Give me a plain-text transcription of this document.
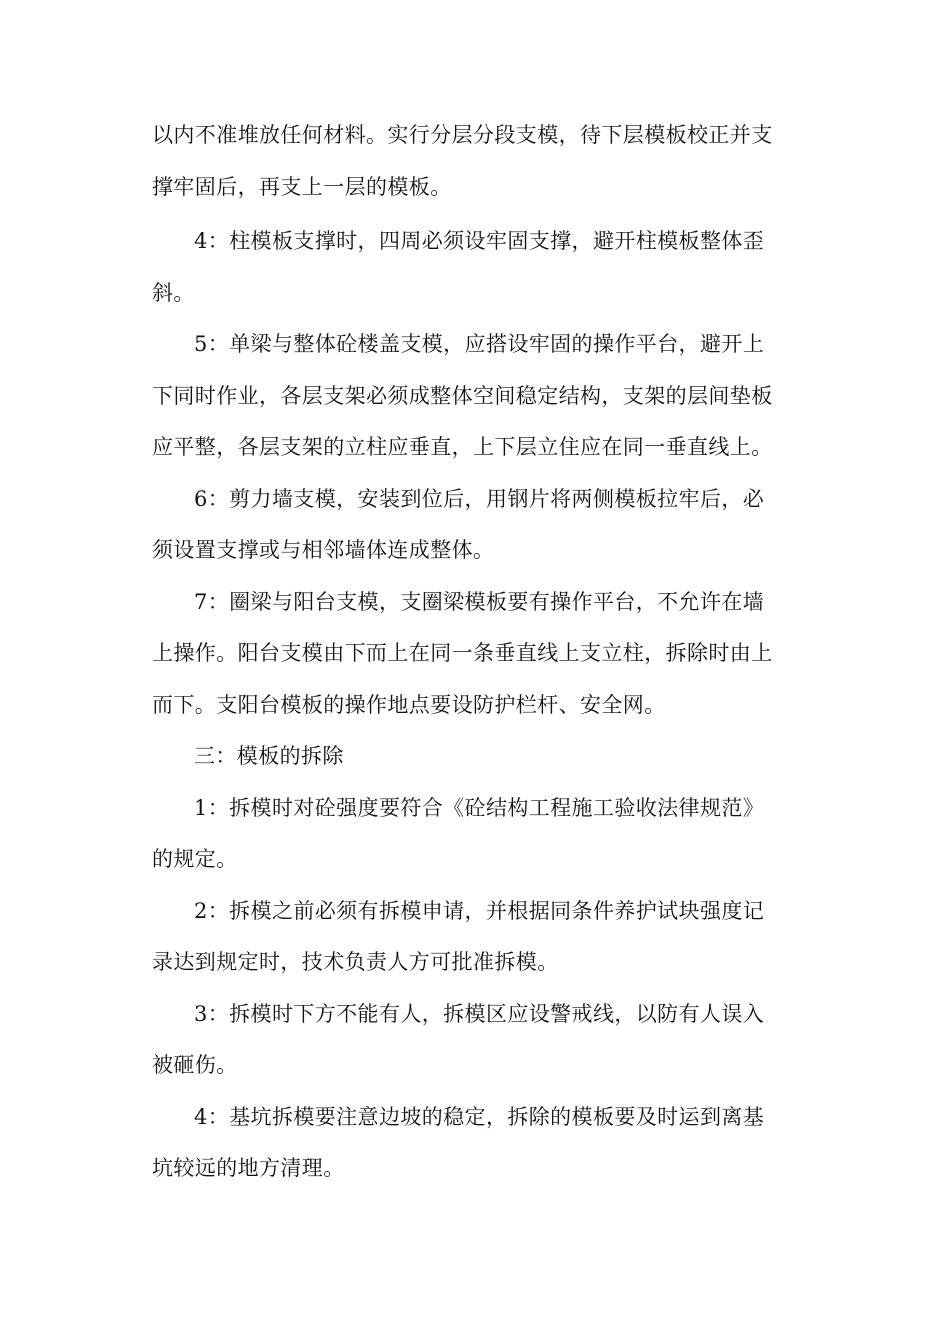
以内不准堆放任何材料。实行分层分段支模，待下层模板校正并支
撑牢固后，再支上一层的模板。
4：柱模板支撑时，四周必须设牢固支撑，避开柱模板整体歪
斜。
5：单梁与整体砼楼盖支模，应搭设牢固的操作平台，避开上
下同时作业，各层支架必须成整体空间稳定结构，支架的层间垫板
应平整，各层支架的立柱应垂直，上下层立住应在同一垂直线上。
6：剪力墙支模，安装到位后，用钢片将两侧模板拉牢后，必
须设置支撑或与相邻墙体连成整体。
7：圈梁与阳台支模，支圈梁模板要有操作平台，不允许在墙
上操作。阳台支模由下而上在同一条垂直线上支立柱，拆除时由上
而下。支阳台模板的操作地点要设防护栏杆、安全网。
三：模板的拆除
1：拆模时对砼强度要符合《砼结构工程施工验收法律规范》
的规定。
2：拆模之前必须有拆模申请，并根据同条件养护试块强度记
录达到规定时，技术负责人方可批准拆模。
3：拆模时下方不能有人，拆模区应设警戒线，以防有人误入
被砸伤。
4：基坑拆模要注意边坡的稳定，拆除的模板要及时运到离基
坑较远的地方清理。
